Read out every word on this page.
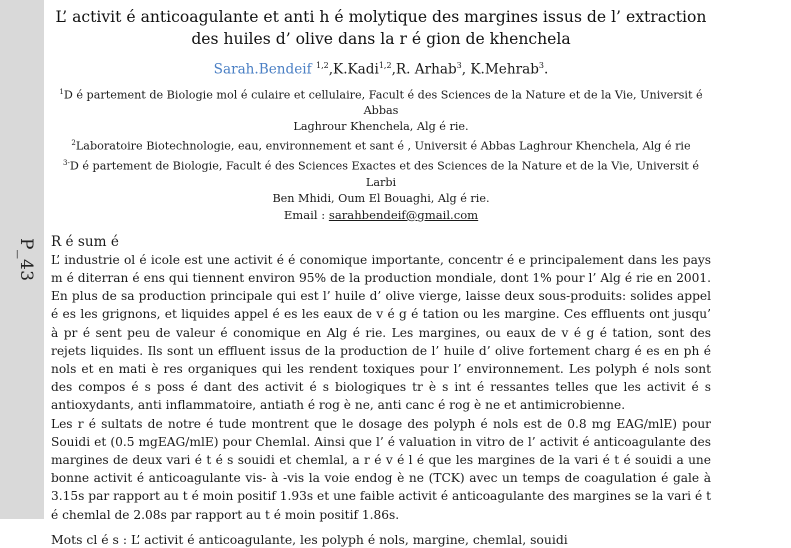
P_43
L’ activit é anticoagulante et anti h é molytique des margines issus de l’ extraction
des huiles d’ olive dans la r é gion de khenchela
Sarah.Bendeif $^{1,2}$,K.Kadi$^{1,2}$,R. Arhab$^3$, K.Mehrab$^3$.
$^1$D é partement de Biologie mol é culaire et cellulaire, Facult é des Sciences de la Nature et de la Vie, Universit é Abbas
Laghrour Khenchela, Alg é rie.
$^2$Laboratoire Biotechnologie, eau, environnement et sant é , Universit é Abbas Laghrour Khenchela, Alg é rie
$^{3-}$D é partement de Biologie, Facult é des Sciences Exactes et des Sciences de la Nature et de la Vie, Universit é Larbi
Ben Mhidi, Oum El Bouaghi, Alg é rie.
Email : sarahbendeif@gmail.com
R é sum é

L’ industrie ol é icole est une activit é é conomique importante, concentr é e principalement dans les pays m é diterran é ens qui tiennent environ 95% de la production mondiale, dont 1% pour l’ Alg é rie en 2001. En plus de sa production principale qui est l’ huile d’ olive vierge, laisse deux sous-produits: solides appel é es les grignons, et liquides appel é es les eaux de v é g é tation ou les margine. Ces effluents ont jusqu’ à pr é sent peu de valeur é conomique en Alg é rie. Les margines, ou eaux de v é g é tation, sont des rejets liquides. Ils sont un effluent issus de la production de l’ huile d’ olive fortement charg é es en ph é nols et en mati è res organiques qui les rendent toxiques pour l’ environnement. Les polyph é nols sont des compos é s poss é dant des activit é s biologiques tr è s int é ressantes telles que les activit é s antioxydants, anti inflammatoire, antiath é rog è ne, anti canc é rog è ne et antimicrobienne.

Les r é sultats de notre é tude montrent que le dosage des polyph é nols est de 0.8 mg EAG/mlE) pour Souidi et (0.5 mgEAG/mlE) pour Chemlal. Ainsi que l’ é valuation in vitro de l’ activit é anticoagulante des margines de deux vari é t é s souidi et chemlal, a r é v é l é que les margines de la vari é t é souidi a une bonne activit é anticoagulante vis- à -vis la voie endog è ne (TCK) avec un temps de coagulation é gale à 3.15s par rapport au t é moin positif 1.93s et une faible activit é anticoagulante des margines se la vari é t é chemlal de 2.08s par rapport au t é moin positif 1.86s.

Mots cl é s : L’ activit é anticoagulante, les polyph é nols, margine, chemlal, souidi
